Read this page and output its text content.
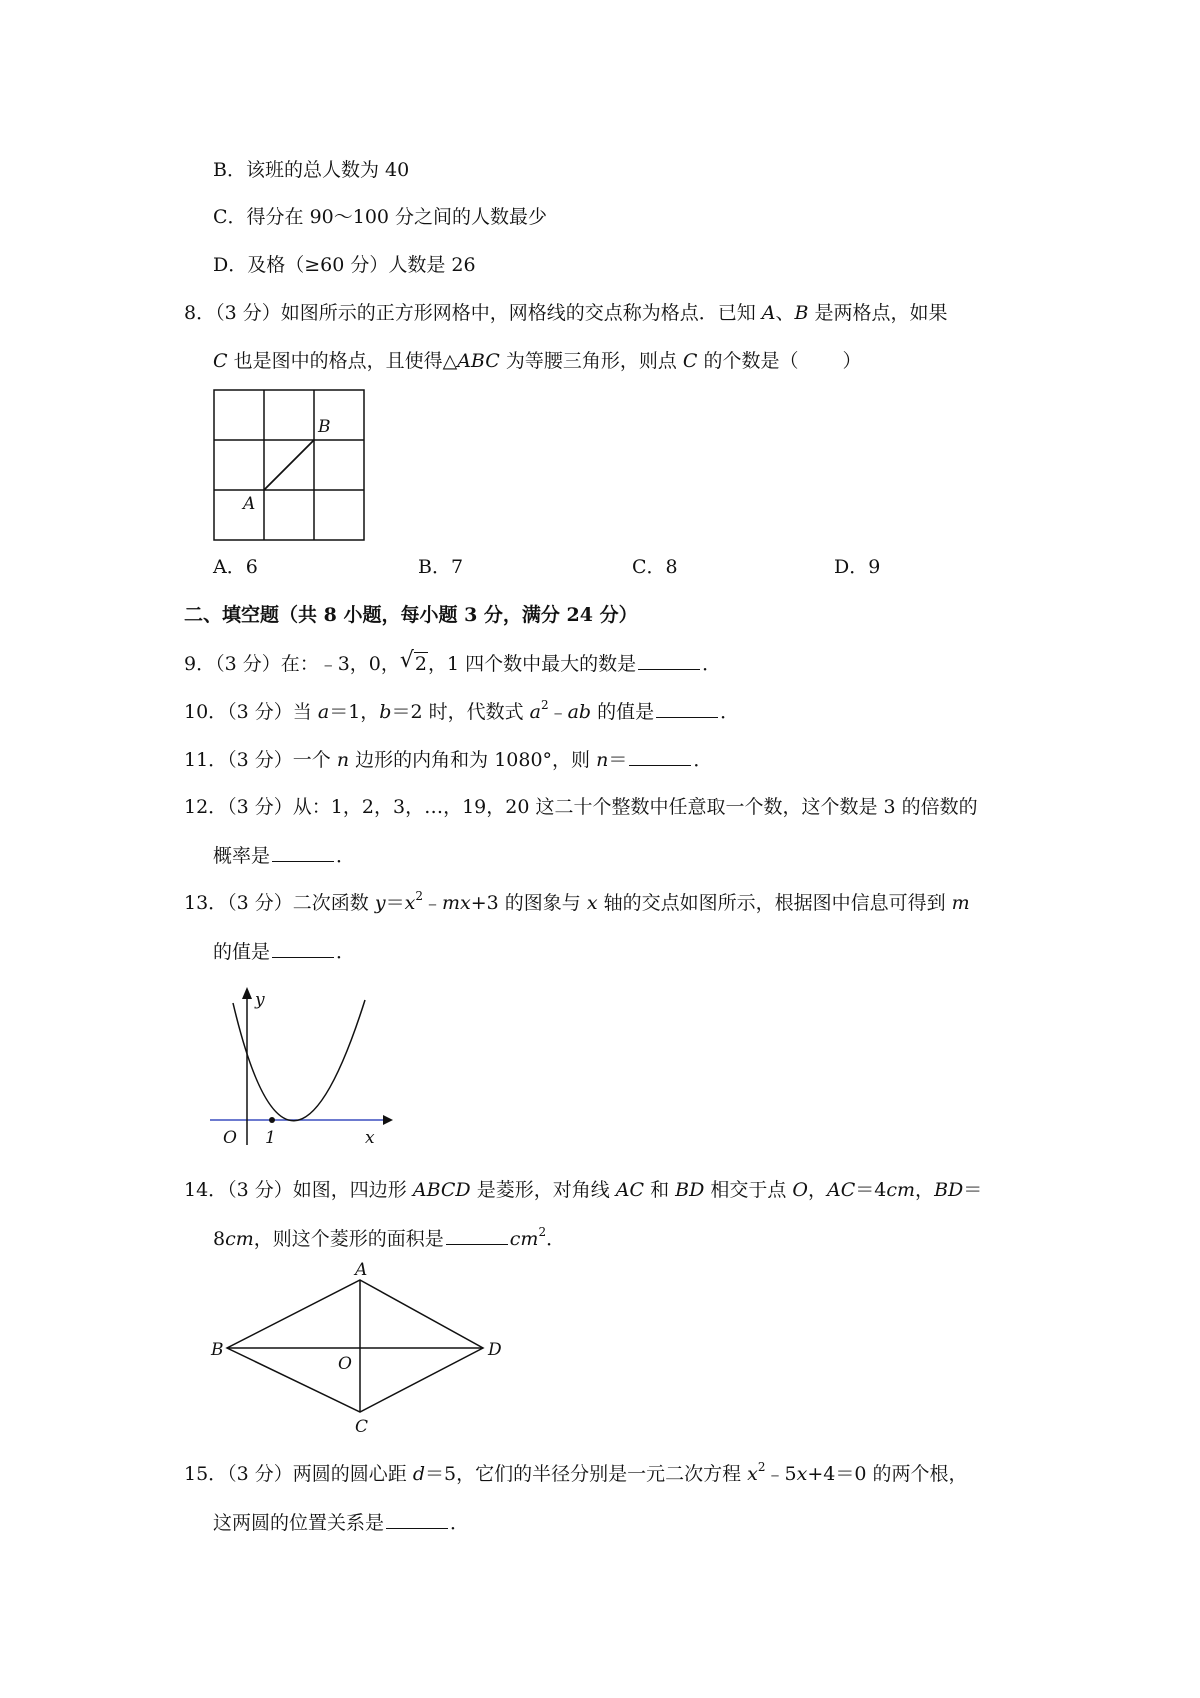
B．该班的总人数为 40
C．得分在 90～100 分之间的人数最少
D．及格（≥60 分）人数是 26
8．（3 分）如图所示的正方形网格中，网格线的交点称为格点．已知 A、B 是两格点，如果
C 也是图中的格点，且使得△ABC 为等腰三角形，则点 C 的个数是（ ）
A
B
A．6	B．7	C．8	D．9
二、填空题（共 8 小题，每小题 3 分，满分 24 分）
9．（3 分）在：﹣3，0， √ 2，1 四个数中最大的数是	．
10．（3 分）当 a＝1，b＝2 时，代数式 $a^2﹣ab$ 的值是	．
11．（3 分）一个 n 边形的内角和为 1080°，则 n＝	．
12．（3 分）从：1，2，3，…，19，20 这二十个整数中任意取一个数，这个数是 3 的倍数的
概率是	．
13．（3 分）二次函数 $y=x^2﹣mx+3$ 的图象与 x 轴的交点如图所示，根据图中信息可得到 m
的值是	．
y
O 1	x
14．（3 分）如图，四边形 ABCD 是菱形，对角线 AC 和 BD 相交于点 O，AC＝4cm，BD＝
8cm，则这个菱形的面积是	$cm^2$．
A
B
O
D
C
15．（3 分）两圆的圆心距 d＝5，它们的半径分别是一元二次方程 $x^2﹣5x+4=0$ 的两个根，
这两圆的位置关系是	．
